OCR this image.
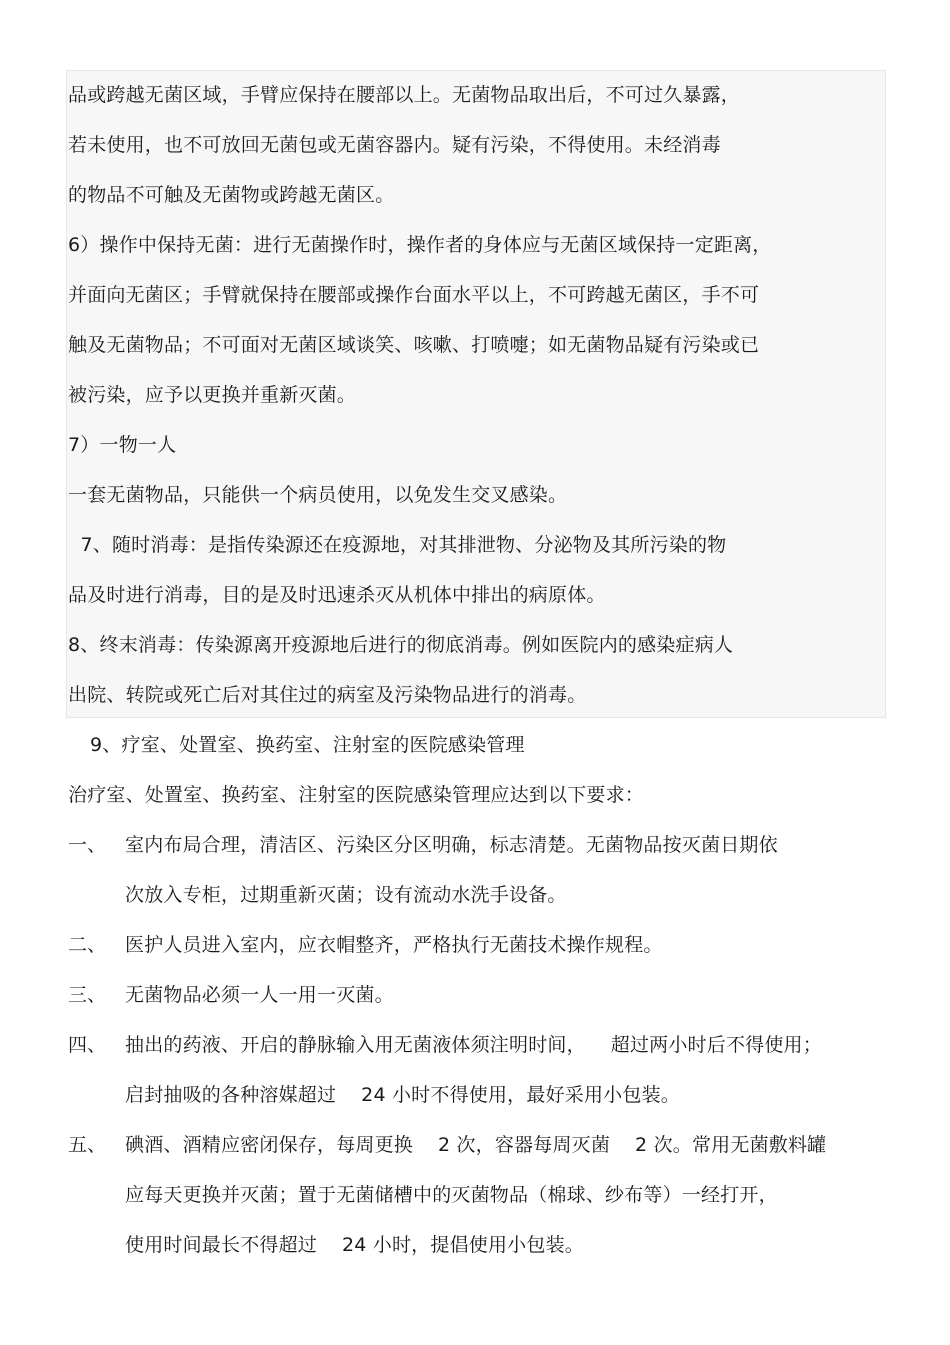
品或跨越无菌区域，手臂应保持在腰部以上。无菌物品取出后，不可过久暴露，
若未使用，也不可放回无菌包或无菌容器内。疑有污染，不得使用。未经消毒
的物品不可触及无菌物或跨越无菌区。
6）操作中保持无菌：进行无菌操作时，操作者的身体应与无菌区域保持一定距离，
并面向无菌区；手臂就保持在腰部或操作台面水平以上，不可跨越无菌区，手不可
触及无菌物品；不可面对无菌区域谈笑、咳嗽、打喷嚏；如无菌物品疑有污染或已
被污染，应予以更换并重新灭菌。
7）一物一人
一套无菌物品，只能供一个病员使用，以免发生交叉感染。
7、随时消毒：是指传染源还在疫源地，对其排泄物、分泌物及其所污染的物
品及时进行消毒，目的是及时迅速杀灭从机体中排出的病原体。
8、终末消毒：传染源离开疫源地后进行的彻底消毒。例如医院内的感染症病人
出院、转院或死亡后对其住过的病室及污染物品进行的消毒。
9、疗室、处置室、换药室、注射室的医院感染管理
治疗室、处置室、换药室、注射室的医院感染管理应达到以下要求：
一、 室内布局合理，清洁区、污染区分区明确，标志清楚。无菌物品按灭菌日期依
次放入专柜，过期重新灭菌；设有流动水洗手设备。
二、 医护人员进入室内，应衣帽整齐，严格执行无菌技术操作规程。
三、 无菌物品必须一人一用一灭菌。
四、 抽出的药液、开启的静脉输入用无菌液体须注明时间，    超过两小时后不得使用；
启封抽吸的各种溶媒超过    24 小时不得使用，最好采用小包装。
五、 碘酒、酒精应密闭保存，每周更换    2 次，容器每周灭菌    2 次。常用无菌敷料罐
应每天更换并灭菌；置于无菌储槽中的灭菌物品（棉球、纱布等）一经打开，
使用时间最长不得超过    24 小时，提倡使用小包装。
